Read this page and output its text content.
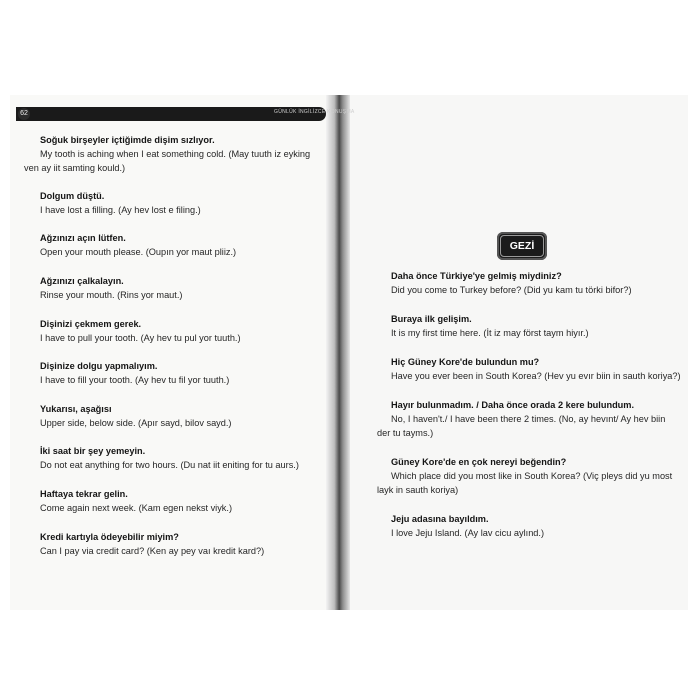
62	GÜNLÜK İNGİLİZCE KONUŞMA
Soğuk birşeyler içtiğimde dişim sızlıyor.
My tooth is aching when I eat something cold. (May tuuth iz eyking
ven ay iit samting kould.)
Dolgum düştü.
I have lost a filling. (Ay hev lost e filing.)
Ağzınızı açın lütfen.
Open your mouth please. (Oupın yor maut pliiz.)
Ağzınızı çalkalayın.
Rinse your mouth. (Rins yor maut.)
Dişinizi çekmem gerek.
I have to pull your tooth. (Ay hev tu pul yor tuuth.)
Dişinize dolgu yapmalıyım.
I have to fill your tooth. (Ay hev tu fil yor tuuth.)
Yukarısı, aşağısı
Upper side, below side. (Apır sayd, bilov sayd.)
İki saat bir şey yemeyin.
Do not eat anything for two hours. (Du nat iit eniting for tu aurs.)
Haftaya tekrar gelin.
Come again next week. (Kam egen nekst viyk.)
Kredi kartıyla ödeyebilir miyim?
Can I pay via credit card? (Ken ay pey vaı kredit kard?)
GEZİ
Daha önce Türkiye'ye gelmiş miydiniz?
Did you come to Turkey before? (Did yu kam tu törki bifor?)
Buraya ilk gelişim.
It is my first time here. (İt iz may först taym hiyır.)
Hiç Güney Kore'de bulundun mu?
Have you ever been in South Korea? (Hev yu evır biin in sauth koriya?)
Hayır bulunmadım. / Daha önce orada 2 kere bulundum.
No, I haven't./ I have been there 2 times. (No, ay hevınt/ Ay hev biin
der tu tayms.)
Güney Kore'de en çok nereyi beğendin?
Which place did you most like in South Korea? (Viç pleys did yu most
layk in sauth koriya)
Jeju adasına bayıldım.
I love Jeju Island. (Ay lav cicu aylınd.)
